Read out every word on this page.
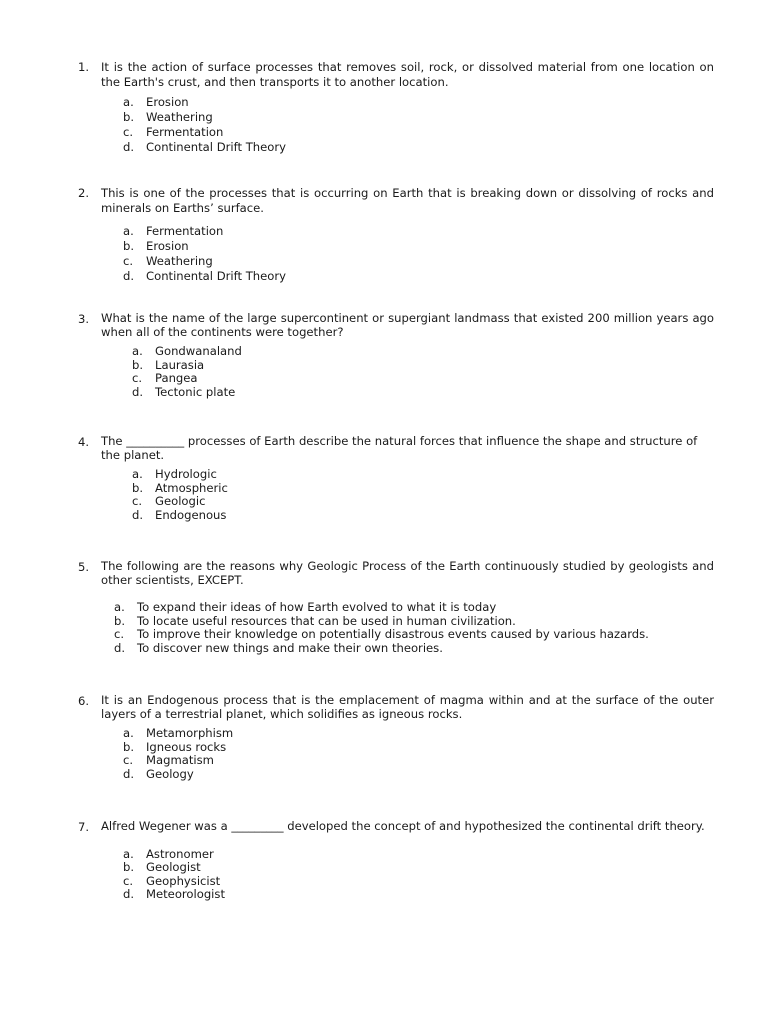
1.	It is the action of surface processes that removes soil, rock, or dissolved material from one location on the Earth's crust, and then transports it to another location.
a. Erosion
b. Weathering
c. Fermentation
d. Continental Drift Theory
2.	This is one of the processes that is occurring on Earth that is breaking down or dissolving of rocks and minerals on Earths’ surface.
a. Fermentation
b. Erosion
c. Weathering
d. Continental Drift Theory
3.	What is the name of the large supercontinent or supergiant landmass that existed 200 million years ago when all of the continents were together?
a. Gondwanaland
b. Laurasia
c. Pangea
d. Tectonic plate
4.	The __________ processes of Earth describe the natural forces that influence the shape and structure of the planet.
a. Hydrologic
b. Atmospheric
c. Geologic
d. Endogenous
5.	The following are the reasons why Geologic Process of the Earth continuously studied by geologists and other scientists, EXCEPT.
a. To expand their ideas of how Earth evolved to what it is today
b. To locate useful resources that can be used in human civilization.
c. To improve their knowledge on potentially disastrous events caused by various hazards.
d. To discover new things and make their own theories.
6.	It is an Endogenous process that is the emplacement of magma within and at the surface of the outer layers of a terrestrial planet, which solidifies as igneous rocks.
a. Metamorphism
b. Igneous rocks
c. Magmatism
d. Geology
7.	Alfred Wegener was a _________ developed the concept of and hypothesized the continental drift theory.
a. Astronomer
b. Geologist
c. Geophysicist
d. Meteorologist
